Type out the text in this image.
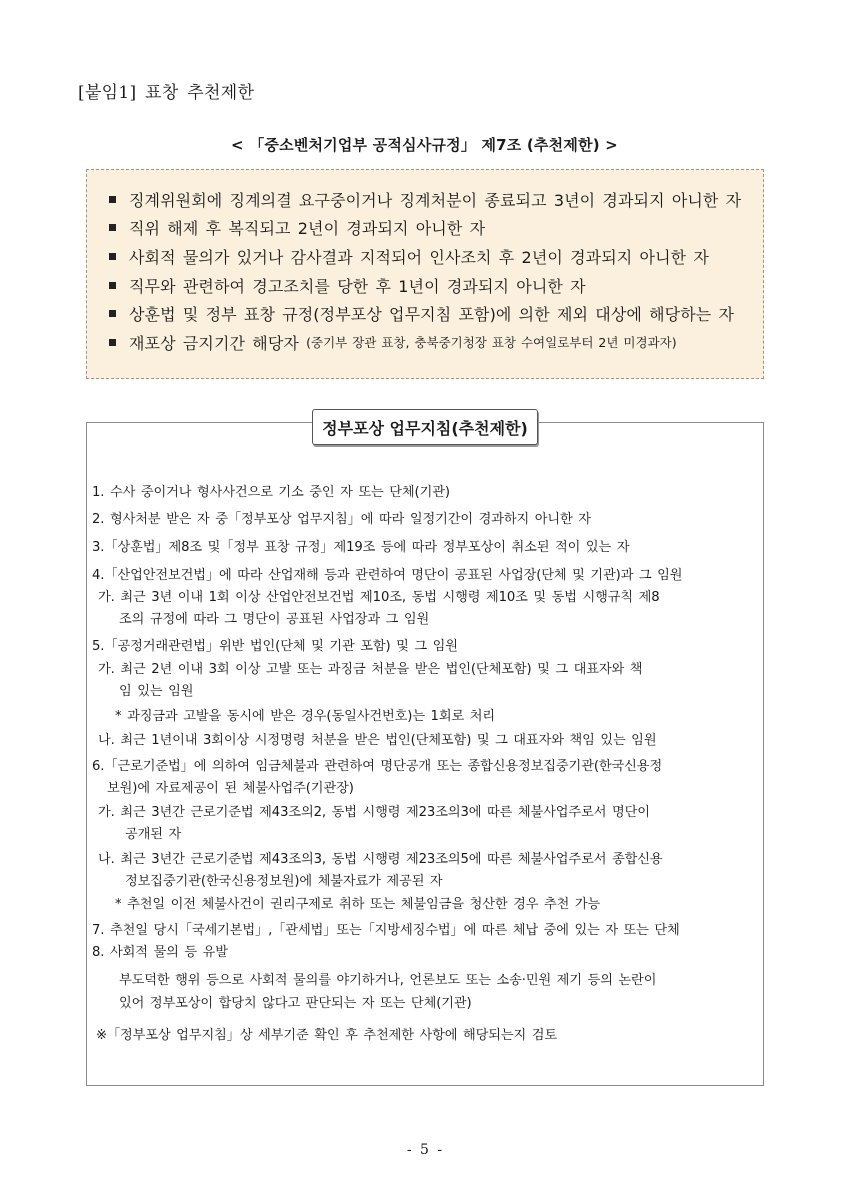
[붙임1] 표창 추천제한
< 「중소벤처기업부 공적심사규정」 제7조 (추천제한) >
징계위원회에 징계의결 요구중이거나 징계처분이 종료되고 3년이 경과되지 아니한 자
직위 해제 후 복직되고 2년이 경과되지 아니한 자
사회적 물의가 있거나 감사결과 지적되어 인사조치 후 2년이 경과되지 아니한 자
직무와 관련하여 경고조치를 당한 후 1년이 경과되지 아니한 자
상훈법 및 정부 표창 규정(정부포상 업무지침 포함)에 의한 제외 대상에 해당하는 자
재포상 금지기간 해당자
(중기부 장관 표창, 충북중기청장 표창 수여일로부터 2년 미경과자)
정부포상 업무지침(추천제한)
1. 수사 중이거나 형사사건으로 기소 중인 자 또는 단체(기관)
2. 형사처분 받은 자 중「정부포상 업무지침」에 따라 일정기간이 경과하지 아니한 자
3.「상훈법」제8조 및「정부 표창 규정」제19조 등에 따라 정부포상이 취소된 적이 있는 자
4.「산업안전보건법」에 따라 산업재해 등과 관련하여 명단이 공표된 사업장(단체 및 기관)과 그 임원
가. 최근 3년 이내 1회 이상 산업안전보건법 제10조, 동법 시행령 제10조 및 동법 시행규칙 제8
조의 규정에 따라 그 명단이 공표된 사업장과 그 임원
5.「공정거래관련법」위반 법인(단체 및 기관 포함) 및 그 임원
가. 최근 2년 이내 3회 이상 고발 또는 과징금 처분을 받은 법인(단체포함) 및 그 대표자와 책
임 있는 임원
* 과징금과 고발을 동시에 받은 경우(동일사건번호)는 1회로 처리
나. 최근 1년이내 3회이상 시정명령 처분을 받은 법인(단체포함) 및 그 대표자와 책임 있는 임원
6.「근로기준법」에 의하여 임금체불과 관련하여 명단공개 또는 종합신용정보집중기관(한국신용정
보원)에 자료제공이 된 체불사업주(기관장)
가. 최근 3년간 근로기준법 제43조의2, 동법 시행령 제23조의3에 따른 체불사업주로서 명단이
공개된 자
나. 최근 3년간 근로기준법 제43조의3, 동법 시행령 제23조의5에 따른 체불사업주로서 종합신용
정보집중기관(한국신용정보원)에 체불자료가 제공된 자
* 추천일 이전 체불사건이 권리구제로 취하 또는 체불임금을 청산한 경우 추천 가능
7. 추천일 당시「국세기본법」,「관세법」또는「지방세징수법」에 따른 체납 중에 있는 자 또는 단체
8. 사회적 물의 등 유발
부도덕한 행위 등으로 사회적 물의를 야기하거나, 언론보도 또는 소송·민원 제기 등의 논란이
있어 정부포상이 합당치 않다고 판단되는 자 또는 단체(기관)
※「정부포상 업무지침」상 세부기준 확인 후 추천제한 사항에 해당되는지 검토
- 5 -
